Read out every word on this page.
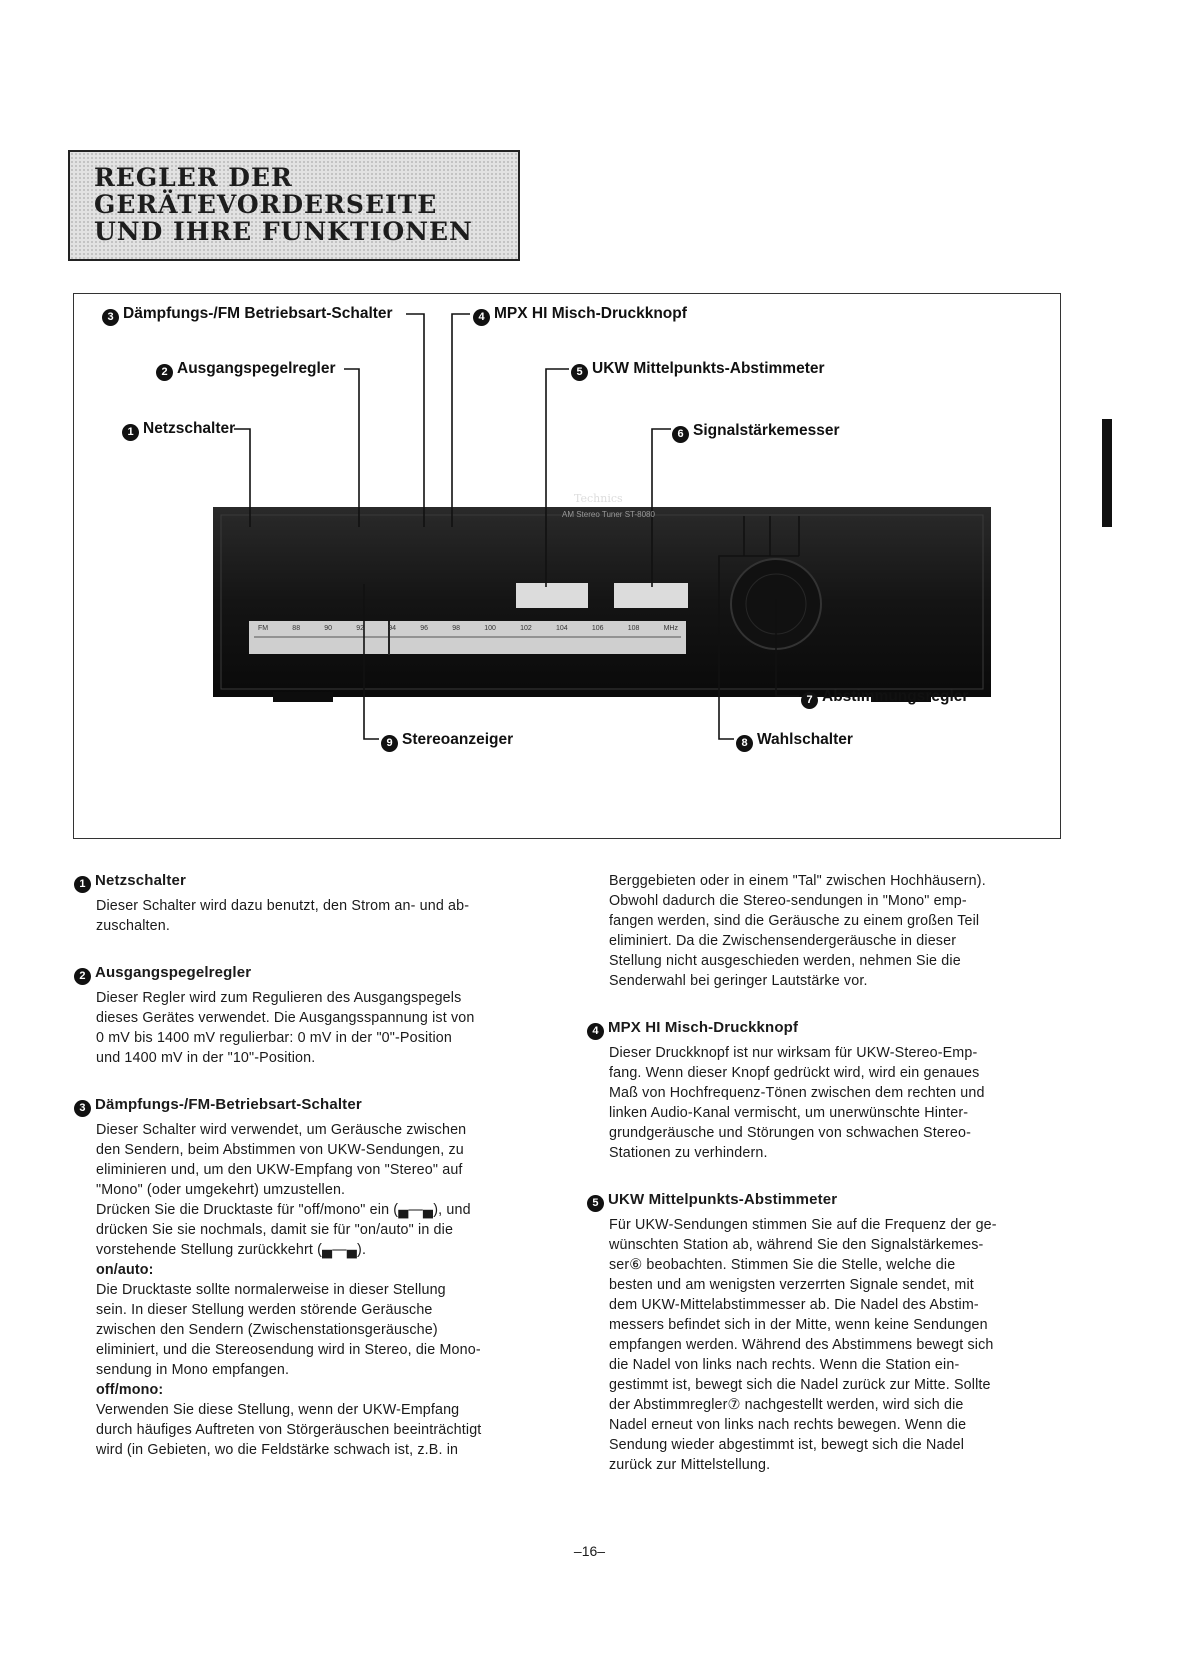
REGLER DER
GERÄTEVORDERSEITE
UND IHRE FUNKTIONEN
Technics
AM Stereo Tuner ST-8080
FM	88	90	92	94	96	98	100	102	104	106	108	MHz
3 Dämpfungs-/FM Betriebsart-Schalter	4 MPX HI Misch-Druckknopf
2 Ausgangspegelregler	5 UKW Mittelpunkts-Abstimmeter
1 Netzschalter	6 Signalstärkemesser
7 Abstimmungsregler
9 Stereoanzeiger	8 Wahlschalter
1 Netzschalter

Dieser Schalter wird dazu benutzt, den Strom an- und ab-

zuschalten.

2 Ausgangspegelregler

Dieser Regler wird zum Regulieren des Ausgangspegels

dieses Gerätes verwendet. Die Ausgangsspannung ist von

0 mV bis 1400 mV regulierbar: 0 mV in der "0"-Position

und 1400 mV in der "10"-Position.

3 Dämpfungs-/FM-Betriebsart-Schalter

Dieser Schalter wird verwendet, um Geräusche zwischen

den Sendern, beim Abstimmen von UKW-Sendungen, zu

eliminieren und, um den UKW-Empfang von "Stereo" auf

"Mono" (oder umgekehrt) umzustellen.

Drücken Sie die Drucktaste für "off/mono" ein (▄—▄), und

drücken Sie sie nochmals, damit sie für "on/auto" in die

vorstehende Stellung zurückkehrt (▄—▄).

on/auto:

Die Drucktaste sollte normalerweise in dieser Stellung

sein. In dieser Stellung werden störende Geräusche

zwischen den Sendern (Zwischenstationsgeräusche)

eliminiert, und die Stereosendung wird in Stereo, die Mono-

sendung in Mono empfangen.

off/mono:

Verwenden Sie diese Stellung, wenn der UKW-Empfang

durch häufiges Auftreten von Störgeräuschen beeinträchtigt

wird (in Gebieten, wo die Feldstärke schwach ist, z.B. in

Berggebieten oder in einem "Tal" zwischen Hochhäusern).

Obwohl dadurch die Stereo-sendungen in "Mono" emp-

fangen werden, sind die Geräusche zu einem großen Teil

eliminiert. Da die Zwischensendergeräusche in dieser

Stellung nicht ausgeschieden werden, nehmen Sie die

Senderwahl bei geringer Lautstärke vor.

4 MPX HI Misch-Druckknopf

Dieser Druckknopf ist nur wirksam für UKW-Stereo-Emp-

fang. Wenn dieser Knopf gedrückt wird, wird ein genaues

Maß von Hochfrequenz-Tönen zwischen dem rechten und

linken Audio-Kanal vermischt, um unerwünschte Hinter-

grundgeräusche und Störungen von schwachen Stereo-

Stationen zu verhindern.

5 UKW Mittelpunkts-Abstimmeter

Für UKW-Sendungen stimmen Sie auf die Frequenz der ge-

wünschten Station ab, während Sie den Signalstärkemes-

ser⑥ beobachten. Stimmen Sie die Stelle, welche die

besten und am wenigsten verzerrten Signale sendet, mit

dem UKW-Mittelabstimmesser ab. Die Nadel des Abstim-

messers befindet sich in der Mitte, wenn keine Sendungen

empfangen werden. Während des Abstimmens bewegt sich

die Nadel von links nach rechts. Wenn die Station ein-

gestimmt ist, bewegt sich die Nadel zurück zur Mitte. Sollte

der Abstimmregler⑦ nachgestellt werden, wird sich die

Nadel erneut von links nach rechts bewegen. Wenn die

Sendung wieder abgestimmt ist, bewegt sich die Nadel

zurück zur Mittelstellung.

–16–
